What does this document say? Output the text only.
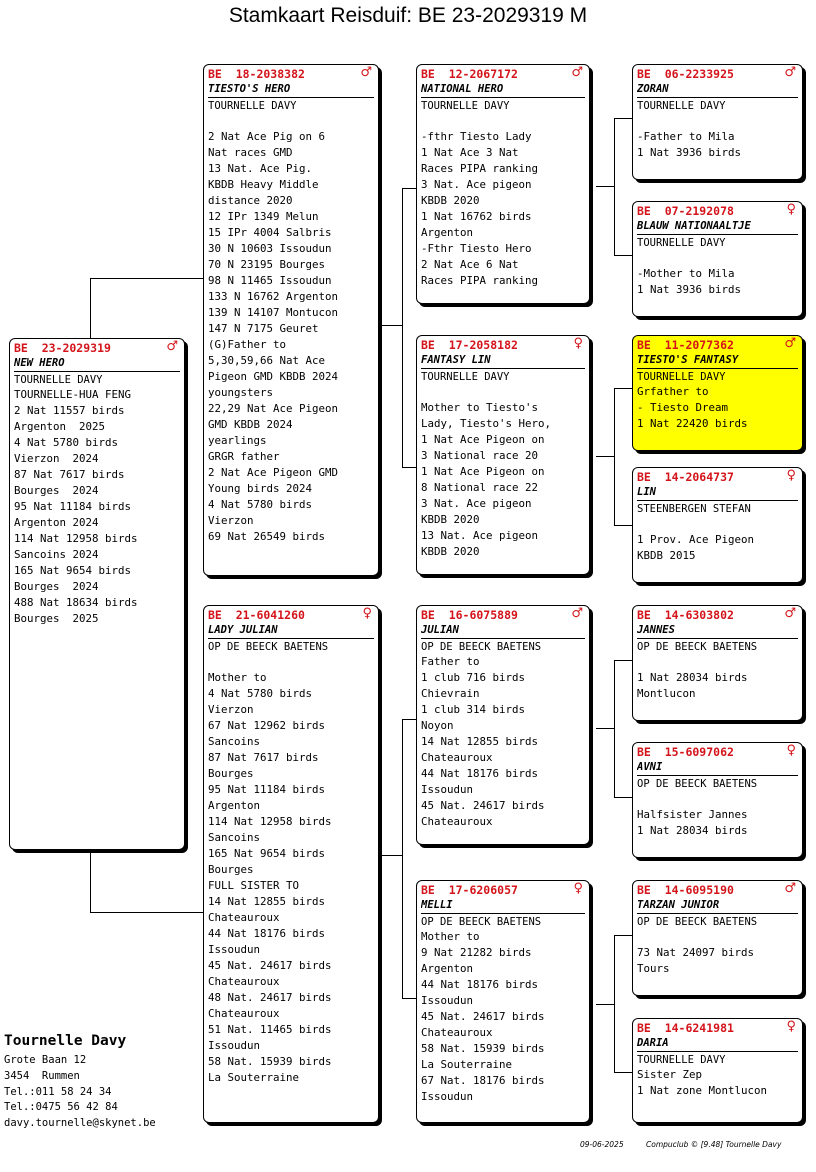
Stamkaart Reisduif: BE 23-2029319 M
BE  23-2029319	♂
NEW HERO
TOURNELLE DAVY
TOURNELLE-HUA FENG
2 Nat 11557 birds
Argenton  2025
4 Nat 5780 birds
Vierzon  2024
87 Nat 7617 birds
Bourges  2024
95 Nat 11184 birds
Argenton 2024
114 Nat 12958 birds
Sancoins 2024
165 Nat 9654 birds
Bourges  2024
488 Nat 18634 birds
Bourges  2025
BE  18-2038382	♂
TIESTO'S HERO
TOURNELLE DAVY

2 Nat Ace Pig on 6
Nat races GMD
13 Nat. Ace Pig.
KBDB Heavy Middle
distance 2020
12 IPr 1349 Melun
15 IPr 4004 Salbris
30 N 10603 Issoudun
70 N 23195 Bourges
98 N 11465 Issoudun
133 N 16762 Argenton
139 N 14107 Montucon
147 N 7175 Geuret
(G)Father to
5,30,59,66 Nat Ace
Pigeon GMD KBDB 2024
youngsters
22,29 Nat Ace Pigeon
GMD KBDB 2024
yearlings
GRGR father
2 Nat Ace Pigeon GMD
Young birds 2024
4 Nat 5780 birds
Vierzon
69 Nat 26549 birds
BE  21-6041260	♀
LADY JULIAN
OP DE BEECK BAETENS

Mother to
4 Nat 5780 birds
Vierzon
67 Nat 12962 birds
Sancoins
87 Nat 7617 birds
Bourges
95 Nat 11184 birds
Argenton
114 Nat 12958 birds
Sancoins
165 Nat 9654 birds
Bourges
FULL SISTER TO
14 Nat 12855 birds
Chateauroux
44 Nat 18176 birds
Issoudun
45 Nat. 24617 birds
Chateauroux
48 Nat. 24617 birds
Chateauroux
51 Nat. 11465 birds
Issoudun
58 Nat. 15939 birds
La Souterraine
BE  12-2067172	♂
NATIONAL HERO
TOURNELLE DAVY

-fthr Tiesto Lady
1 Nat Ace 3 Nat
Races PIPA ranking
3 Nat. Ace pigeon
KBDB 2020
1 Nat 16762 birds
Argenton
-Fthr Tiesto Hero
2 Nat Ace 6 Nat
Races PIPA ranking
BE  17-2058182	♀
FANTASY LIN
TOURNELLE DAVY

Mother to Tiesto's
Lady, Tiesto's Hero,
1 Nat Ace Pigeon on
3 National race 20
1 Nat Ace Pigeon on
8 National race 22
3 Nat. Ace pigeon
KBDB 2020
13 Nat. Ace pigeon
KBDB 2020
BE  16-6075889	♂
JULIAN
OP DE BEECK BAETENS
Father to
1 club 716 birds
Chievrain
1 club 314 birds
Noyon
14 Nat 12855 birds
Chateauroux
44 Nat 18176 birds
Issoudun
45 Nat. 24617 birds
Chateauroux
BE  17-6206057	♀
MELLI
OP DE BEECK BAETENS
Mother to
9 Nat 21282 birds
Argenton
44 Nat 18176 birds
Issoudun
45 Nat. 24617 birds
Chateauroux
58 Nat. 15939 birds
La Souterraine
67 Nat. 18176 birds
Issoudun
BE  06-2233925	♂
ZORAN
TOURNELLE DAVY

-Father to Mila
1 Nat 3936 birds
BE  07-2192078	♀
BLAUW NATIONAALTJE
TOURNELLE DAVY

-Mother to Mila
1 Nat 3936 birds
BE  11-2077362	♂
TIESTO'S FANTASY
TOURNELLE DAVY
Grfather to
- Tiesto Dream
1 Nat 22420 birds
BE  14-2064737	♀
LIN
STEENBERGEN STEFAN

1 Prov. Ace Pigeon
KBDB 2015
BE  14-6303802	♂
JANNES
OP DE BEECK BAETENS

1 Nat 28034 birds
Montlucon
BE  15-6097062	♀
AVNI
OP DE BEECK BAETENS

Halfsister Jannes
1 Nat 28034 birds
BE  14-6095190	♂
TARZAN JUNIOR
OP DE BEECK BAETENS

73 Nat 24097 birds
Tours
BE  14-6241981	♀
DARIA
TOURNELLE DAVY
Sister Zep
1 Nat zone Montlucon
Tournelle Davy
Grote Baan 12
3454  Rummen
Tel.:011 58 24 34
Tel.:0475 56 42 84
davy.tournelle@skynet.be
09-06-2025	Compuclub © [9.48] Tournelle Davy
